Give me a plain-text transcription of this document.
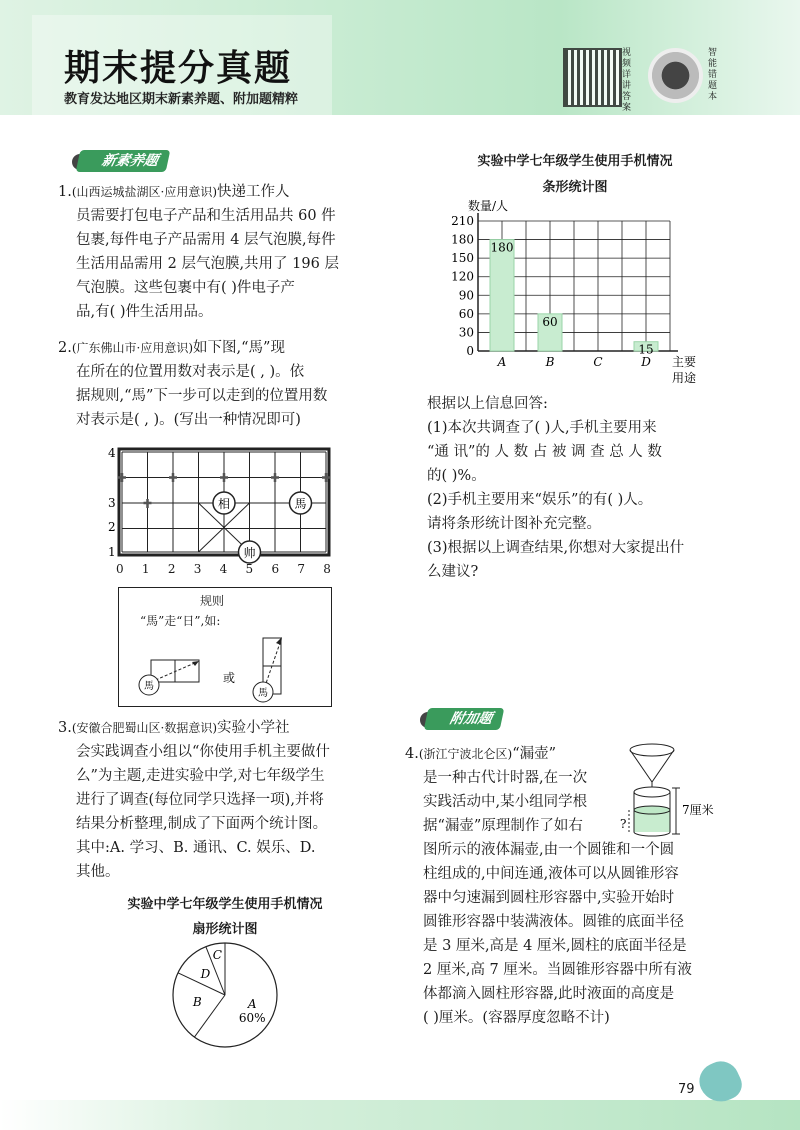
期末提分真题
教育发达地区期末新素养题、附加题精粹
视频详讲答案
智能错题本
新素养题
1.(山西运城盐湖区·应用意识)快递工作人
员需要打包电子产品和生活用品共 60 件
包裹,每件电子产品需用 4 层气泡膜,每件
生活用品需用 2 层气泡膜,共用了 196 层
气泡膜。这些包裹中有( )件电子产
品,有( )件生活用品。
2.(广东佛山市·应用意识)如下图,“馬”现
在所在的位置用数对表示是( , )。依
据规则,“馬”下一步可以走到的位置用数
对表示是( , )。(写出一种情况即可)
相	馬
帅
1
2
3
4
0 1 2 3 4 5 6 7 8
规则
“馬”走“日”,如:
馬
或
馬
3.(安徽合肥蜀山区·数据意识)实验小学社
会实践调查小组以“你使用手机主要做什
么”为主题,走进实验中学,对七年级学生
进行了调查(每位同学只选择一项),并将
结果分析整理,制成了下面两个统计图。
其中:A. 学习、B. 通讯、C. 娱乐、D.
其他。
实验中学七年级学生使用手机情况
扇形统计图
A
60%
B
C
D
实验中学七年级学生使用手机情况
条形统计图
0
30
60
90
120
150
180
210
180
A
60
B	C
15
D
数量/人
主要
用途
根据以上信息回答:
(1)本次共调查了( )人,手机主要用来
“通 讯”的 人 数 占 被 调 查 总 人 数
的( )%。
(2)手机主要用来“娱乐”的有( )人。
请将条形统计图补充完整。
(3)根据以上调查结果,你想对大家提出什
么建议?
附加题
4.(浙江宁波北仑区)“漏壶”
是一种古代计时器,在一次
实践活动中,某小组同学根
据“漏壶”原理制作了如右
图所示的液体漏壶,由一个圆锥和一个圆
柱组成的,中间连通,液体可以从圆锥形容
器中匀速漏到圆柱形容器中,实验开始时
圆锥形容器中装满液体。圆锥的底面半径
是 3 厘米,高是 4 厘米,圆柱的底面半径是
2 厘米,高 7 厘米。当圆锥形容器中所有液
体都滴入圆柱形容器,此时液面的高度是
( )厘米。(容器厚度忽略不计)
7厘米
?
79
